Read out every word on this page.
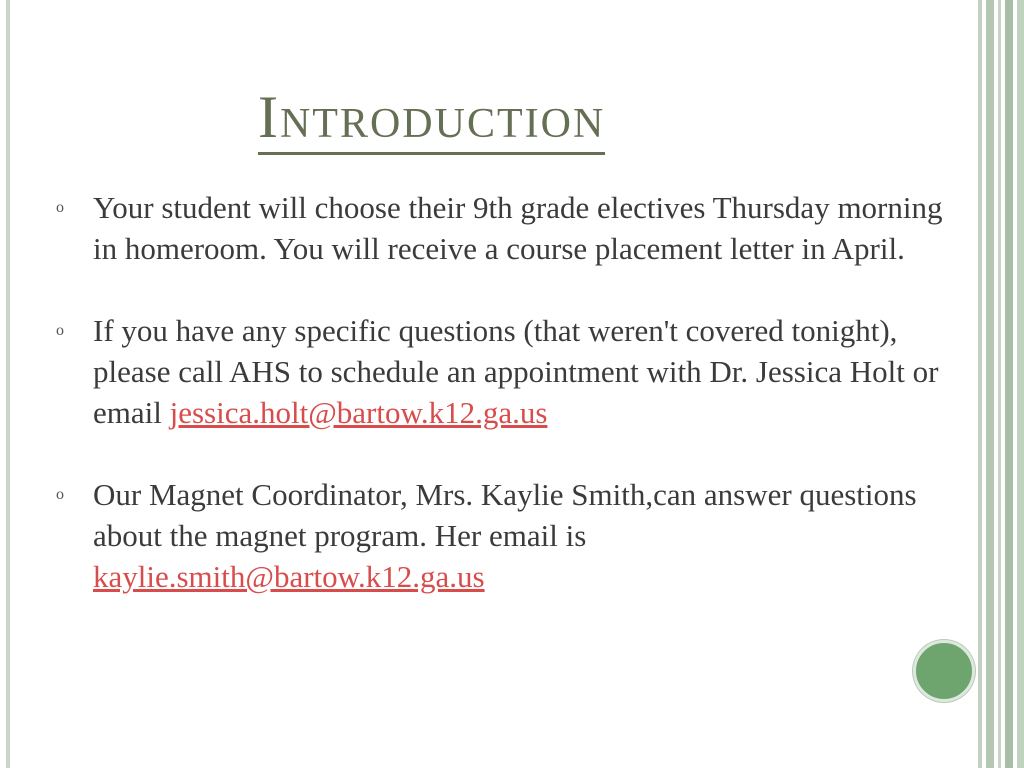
Introduction
o Your student will choose their 9th grade electives Thursday morning in homeroom. You will receive a course placement letter in April.
o If you have any specific questions (that weren't covered tonight), please call AHS to schedule an appointment with Dr. Jessica Holt or email jessica.holt@bartow.k12.ga.us
o Our Magnet Coordinator, Mrs. Kaylie Smith,can answer questions about the magnet program. Her email is kaylie.smith@bartow.k12.ga.us
